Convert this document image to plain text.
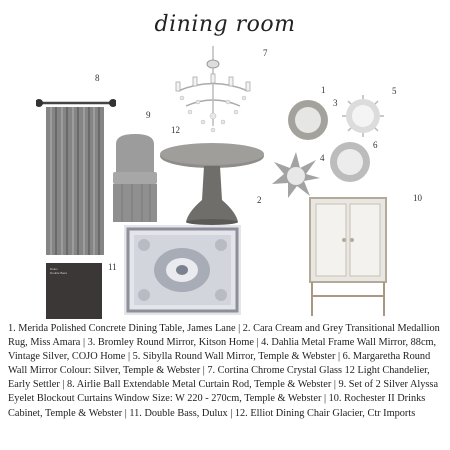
dining room
Dulux
Double Bass
7
8
9
12
1
3
5
6
4
2	10
11
1. Merida Polished Concrete Dining Table, James Lane | 2. Cara Cream and Grey Transitional Medallion Rug, Miss Amara | 3. Bromley Round Mirror, Kitson Home | 4. Dahlia Metal Frame Wall Mirror, 88cm, Vintage Silver, COJO Home | 5. Sibylla Round Wall Mirror, Temple & Webster | 6. Margaretha Round Wall Mirror Colour: Silver, Temple & Webster | 7. Cortina Chrome Crystal Glass 12 Light Chandelier, Early Settler | 8. Airlie Ball Extendable Metal Curtain Rod, Temple & Webster | 9. Set of 2 Silver Alyssa Eyelet Blockout Curtains Window Size: W 220 - 270cm, Temple & Webster | 10. Rochester II Drinks Cabinet, Temple & Webster | 11. Double Bass, Dulux | 12. Elliot Dining Chair Glacier, Ctr Imports
